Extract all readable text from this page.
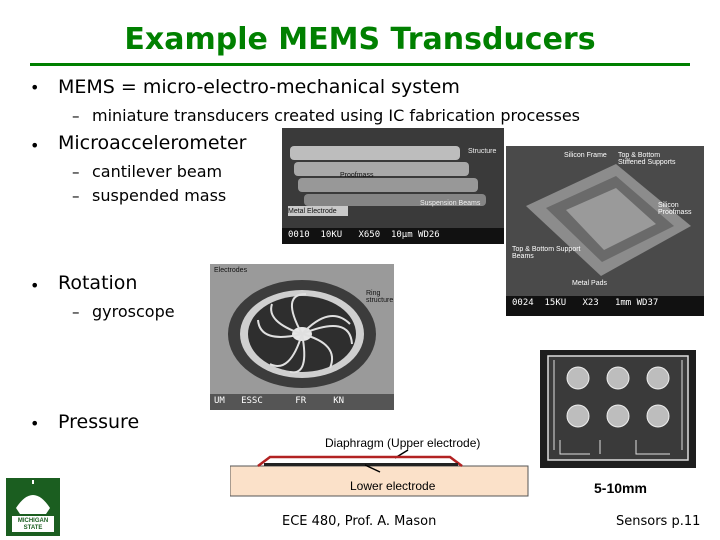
Example MEMS Transducers
• MEMS = micro-electro-mechanical system
– miniature transducers created using IC fabrication processes
• Microaccelerometer
– cantilever beam
– suspended mass
Structure
Proofmass
Suspension Beams
Metal Electrode
0010  10KU   X650  10µm WD26
Silicon Frame	Top & Bottom Stiffened Supports
Silicon Proofmass
Top & Bottom Support Beams
Metal Pads
0024  15KU   X23   1mm WD37
• Rotation
– gyroscope
Electrodes
Ring structure
UM   ESSC      FR     KN
• Pressure
Diaphragm (Upper electrode)
Lower electrode	5-10mm
MICHIGAN STATE	ECE 480, Prof. A. Mason	Sensors p.11
